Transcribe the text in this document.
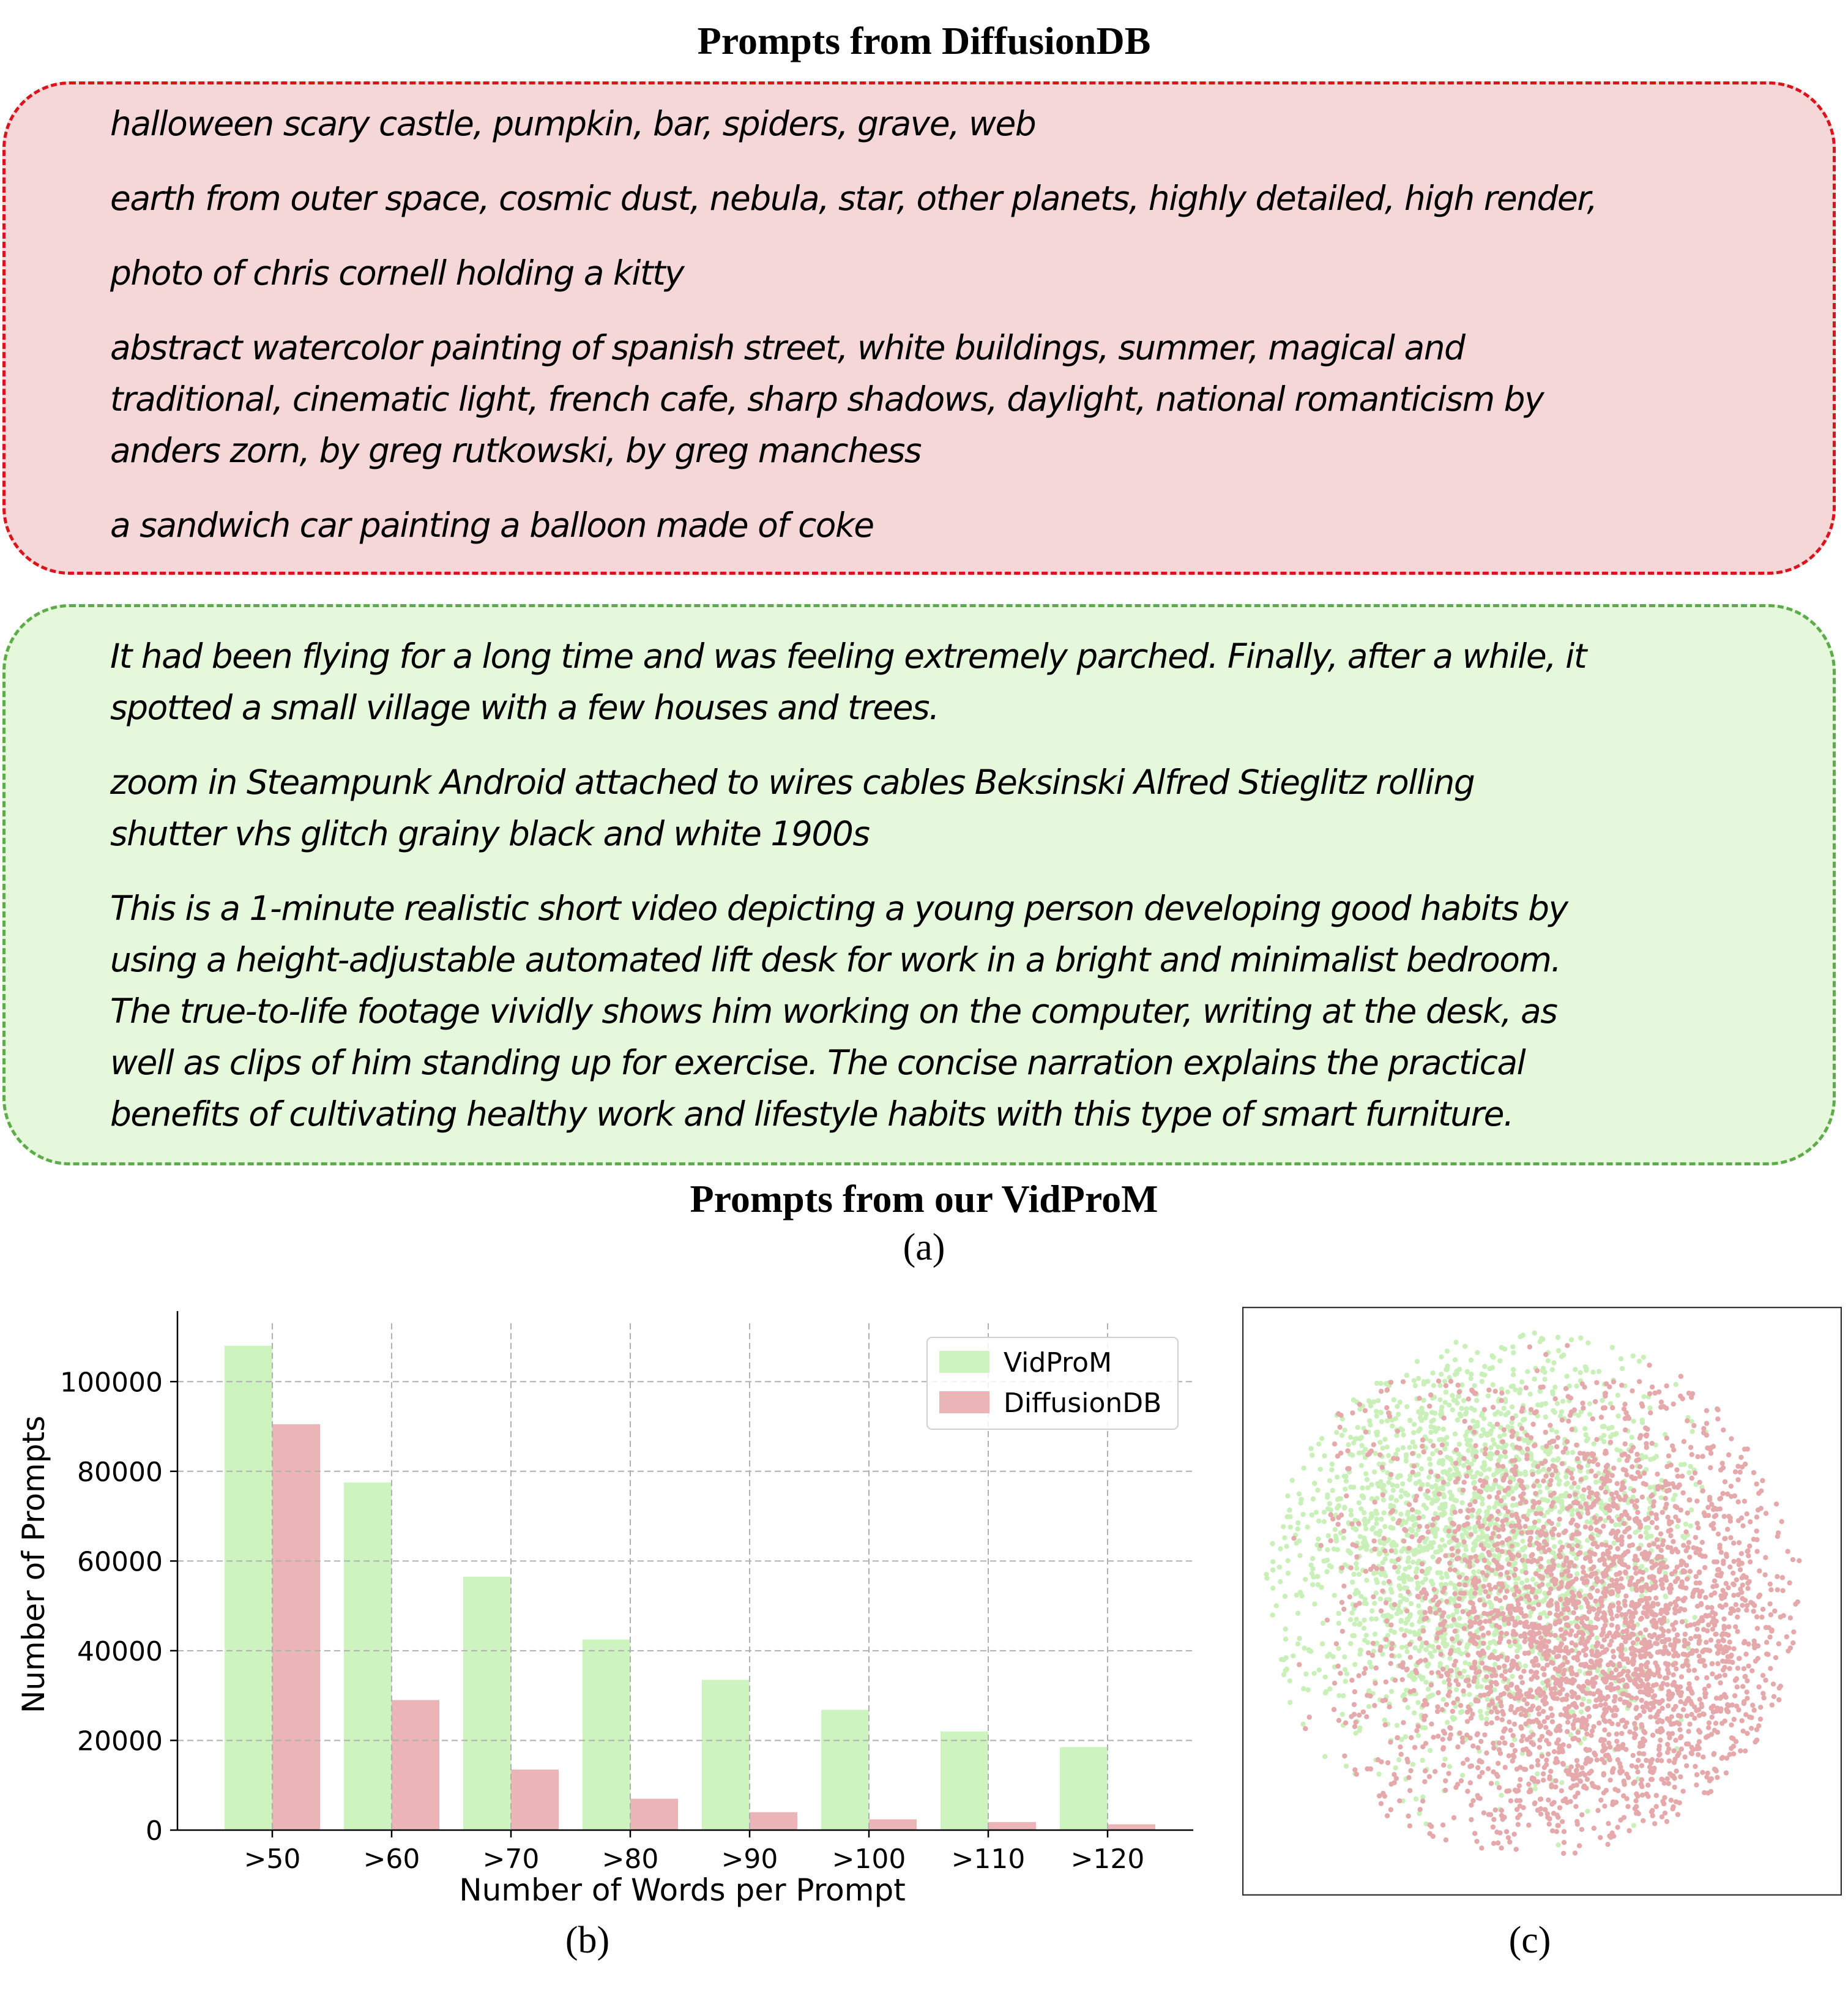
Prompts from DiffusionDB
halloween scary castle, pumpkin, bar, spiders, grave, web
earth from outer space, cosmic dust, nebula, star, other planets, highly detailed, high render,
photo of chris cornell holding a kitty
abstract watercolor painting of spanish street, white buildings, summer, magical and
traditional, cinematic light, french cafe, sharp shadows, daylight, national romanticism by
anders zorn, by greg rutkowski, by greg manchess
a sandwich car painting a balloon made of coke
It had been flying for a long time and was feeling extremely parched. Finally, after a while, it
spotted a small village with a few houses and trees.
zoom in Steampunk Android attached to wires cables Beksinski Alfred Stieglitz rolling
shutter vhs glitch grainy black and white 1900s
This is a 1-minute realistic short video depicting a young person developing good habits by
using a height-adjustable automated lift desk for work in a bright and minimalist bedroom.
The true-to-life footage vividly shows him working on the computer, writing at the desk, as
well as clips of him standing up for exercise. The concise narration explains the practical
benefits of cultivating healthy work and lifestyle habits with this type of smart furniture.
Prompts from our VidProM
(a)
0
20000
40000
60000
80000
100000
>50 >60 >70 >80 >90 >100 >110 >120
Number of Words per Prompt
Number of Prompts
VidProM
DiffusionDB
(b)	(c)
